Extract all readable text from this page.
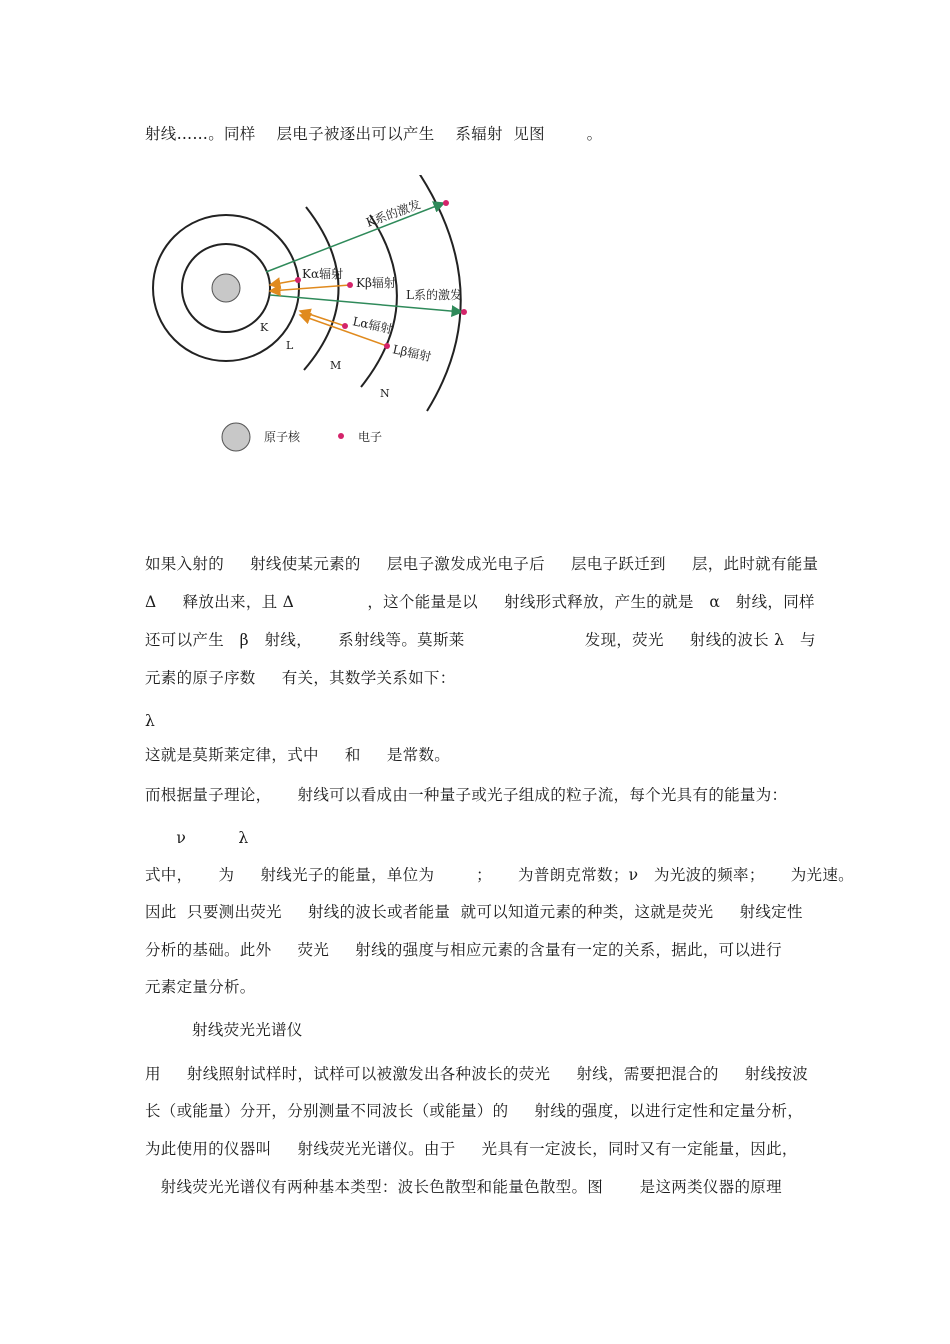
射线……。同样    层电子被逐出可以产生    系辐射  见图        。
K
L
M
N
K系的激发
Kα辐射
Kβ辐射
L系的激发
Lα辐射
Lβ辐射
原子核	电子
如果入射的     射线使某元素的     层电子激发成光电子后     层电子跃迁到     层，此时就有能量
Δ     释放出来，且 Δ              ，这个能量是以     射线形式释放，产生的就是   α   射线，同样
还可以产生   β   射线，     系射线等。莫斯莱                       发现，荧光     射线的波长 λ   与
元素的原子序数     有关，其数学关系如下：
λ
这就是莫斯莱定律，式中     和     是常数。
而根据量子理论，     射线可以看成由一种量子或光子组成的粒子流，每个光具有的能量为：
ν          λ
式中，     为     射线光子的能量，单位为        ；     为普朗克常数；ν   为光波的频率；     为光速。
因此  只要测出荧光     射线的波长或者能量  就可以知道元素的种类，这就是荧光     射线定性
分析的基础。此外     荧光     射线的强度与相应元素的含量有一定的关系，据此，可以进行
元素定量分析。
射线荧光光谱仪
用     射线照射试样时，试样可以被激发出各种波长的荧光     射线，需要把混合的     射线按波
长（或能量）分开，分别测量不同波长（或能量）的     射线的强度，以进行定性和定量分析，
为此使用的仪器叫     射线荧光光谱仪。由于     光具有一定波长，同时又有一定能量，因此，
射线荧光光谱仪有两种基本类型：波长色散型和能量色散型。图       是这两类仪器的原理
